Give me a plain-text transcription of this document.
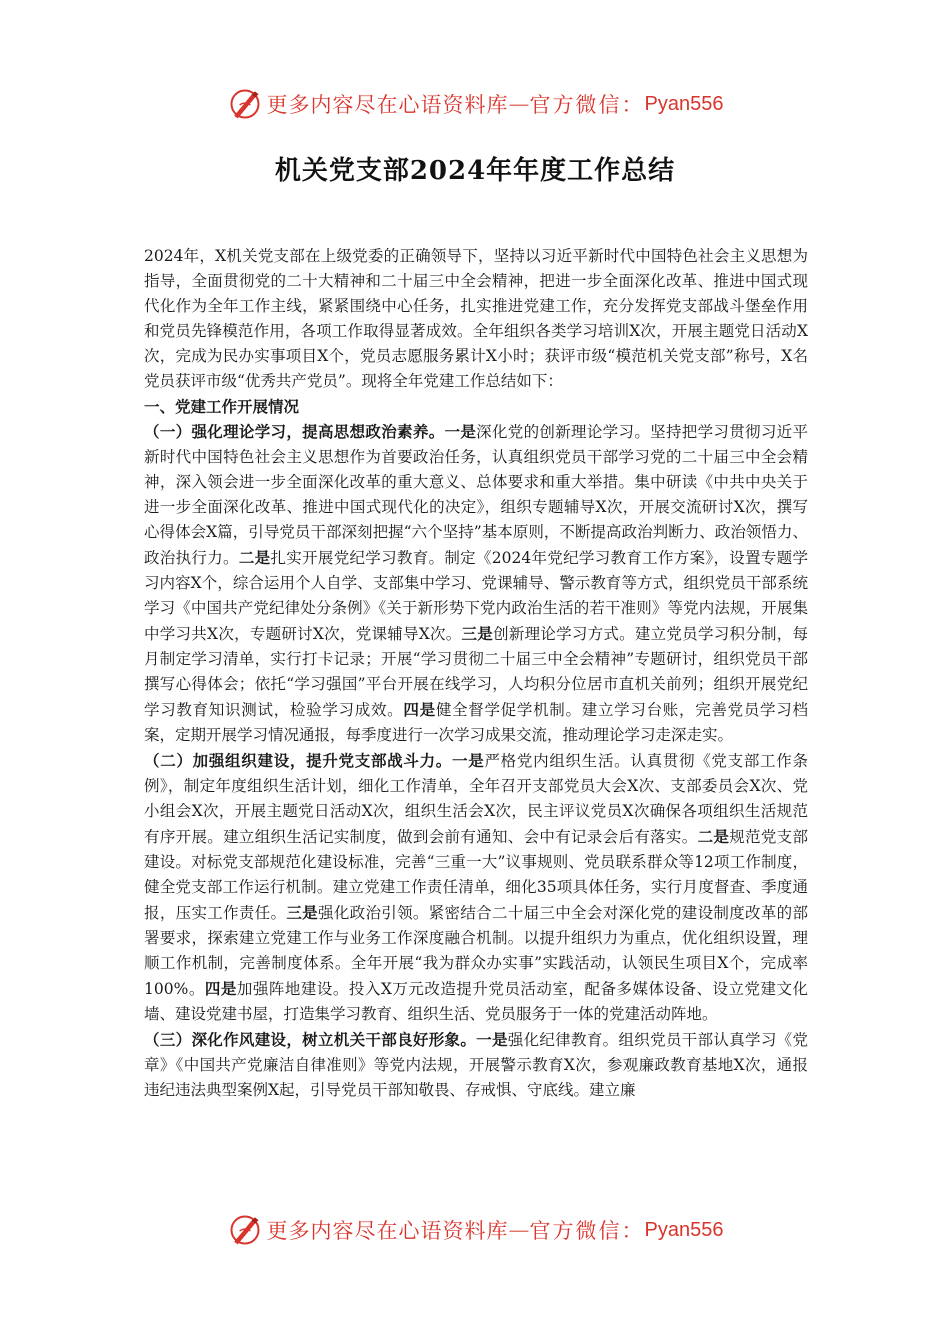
更多内容尽在心语资料库 — 官方微信： Pyan556
机关党支部2024年年度工作总结

2024年，X机关党支部在上级党委的正确领导下，坚持以习近平新时代中国特色社会主义思想为指导，全面贯彻党的二十大精神和二十届三中全会精神，把进一步全面深化改革、推进中国式现代化作为全年工作主线，紧紧围绕中心任务，扎实推进党建工作，充分发挥党支部战斗堡垒作用和党员先锋模范作用，各项工作取得显著成效。全年组织各类学习培训X次，开展主题党日活动X次，完成为民办实事项目X个，党员志愿服务累计X小时；获评市级“模范机关党支部”称号，X名党员获评市级“优秀共产党员”。现将全年党建工作总结如下：

一、党建工作开展情况

（一）强化理论学习，提高思想政治素养。一是深化党的创新理论学习。坚持把学习贯彻习近平新时代中国特色社会主义思想作为首要政治任务，认真组织党员干部学习党的二十届三中全会精神，深入领会进一步全面深化改革的重大意义、总体要求和重大举措。集中研读《中共中央关于进一步全面深化改革、推进中国式现代化的决定》，组织专题辅导X次，开展交流研讨X次，撰写心得体会X篇，引导党员干部深刻把握“六个坚持”基本原则，不断提高政治判断力、政治领悟力、政治执行力。二是扎实开展党纪学习教育。制定《2024年党纪学习教育工作方案》，设置专题学习内容X个，综合运用个人自学、支部集中学习、党课辅导、警示教育等方式，组织党员干部系统学习《中国共产党纪律处分条例》《关于新形势下党内政治生活的若干准则》等党内法规，开展集中学习共X次，专题研讨X次，党课辅导X次。三是创新理论学习方式。建立党员学习积分制，每月制定学习清单，实行打卡记录；开展“学习贯彻二十届三中全会精神”专题研讨，组织党员干部撰写心得体会；依托“学习强国”平台开展在线学习，人均积分位居市直机关前列；组织开展党纪学习教育知识测试，检验学习成效。四是健全督学促学机制。建立学习台账，完善党员学习档案，定期开展学习情况通报，每季度进行一次学习成果交流，推动理论学习走深走实。

（二）加强组织建设，提升党支部战斗力。一是严格党内组织生活。认真贯彻《党支部工作条例》，制定年度组织生活计划，细化工作清单，全年召开支部党员大会X次、支部委员会X次、党小组会X次，开展主题党日活动X次，组织生活会X次，民主评议党员X次确保各项组织生活规范有序开展。建立组织生活记实制度，做到会前有通知、会中有记录会后有落实。二是规范党支部建设。对标党支部规范化建设标准，完善“三重一大”议事规则、党员联系群众等12项工作制度，健全党支部工作运行机制。建立党建工作责任清单，细化35项具体任务，实行月度督查、季度通报，压实工作责任。三是强化政治引领。紧密结合二十届三中全会对深化党的建设制度改革的部署要求，探索建立党建工作与业务工作深度融合机制。以提升组织力为重点，优化组织设置，理顺工作机制，完善制度体系。全年开展“我为群众办实事”实践活动，认领民生项目X个，完成率100%。四是加强阵地建设。投入X万元改造提升党员活动室，配备多媒体设备、设立党建文化墙、建设党建书屋，打造集学习教育、组织生活、党员服务于一体的党建活动阵地。

（三）深化作风建设，树立机关干部良好形象。一是强化纪律教育。组织党员干部认真学习《党章》《中国共产党廉洁自律准则》等党内法规，开展警示教育X次，参观廉政教育基地X次，通报违纪违法典型案例X起，引导党员干部知敬畏、存戒惧、守底线。建立廉

更多内容尽在心语资料库 — 官方微信： Pyan556
